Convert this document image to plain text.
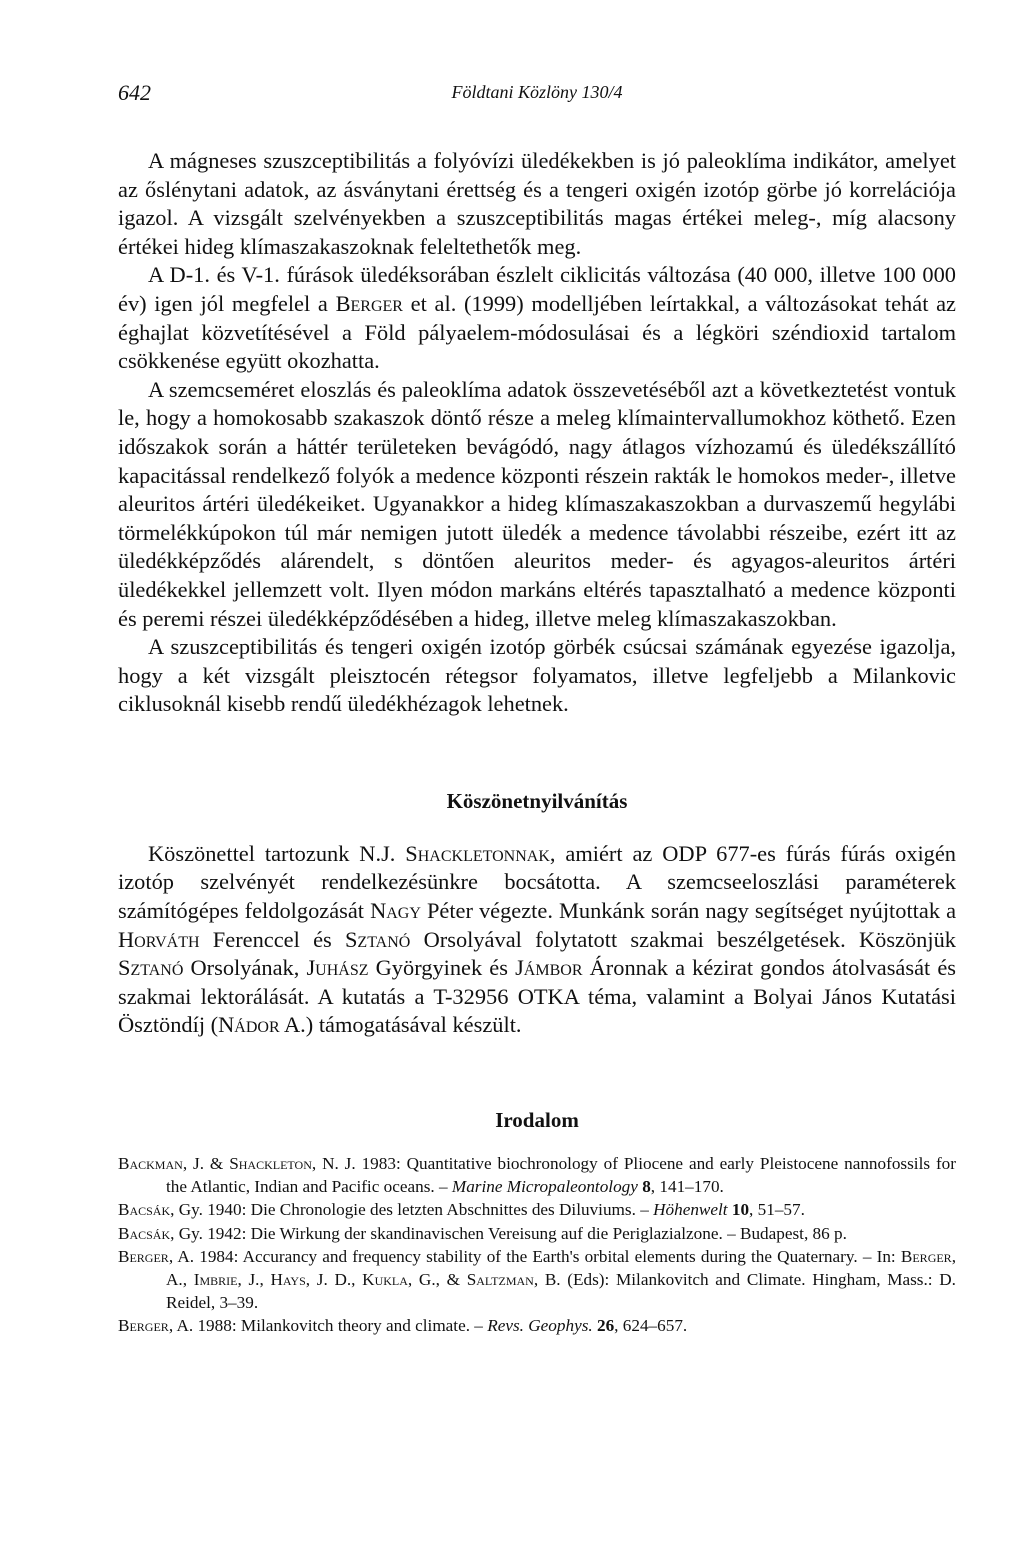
642	Földtani Közlöny 130/4

A mágneses szuszceptibilitás a folyóvízi üledékekben is jó paleoklíma indikátor, amelyet az őslénytani adatok, az ásványtani érettség és a tengeri oxigén izotóp görbe jó korrelációja igazol. A vizsgált szelvényekben a szuszceptibilitás magas értékei meleg-, míg alacsony értékei hideg klímaszakaszoknak feleltethetők meg.

A D-1. és V-1. fúrások üledéksorában észlelt ciklicitás változása (40 000, illetve 100 000 év) igen jól megfelel a Berger et al. (1999) modelljében leírtakkal, a változásokat tehát az éghajlat közvetítésével a Föld pályaelem-módosulásai és a légköri széndioxid tartalom csökkenése együtt okozhatta.

A szemcseméret eloszlás és paleoklíma adatok összevetéséből azt a következtetést vontuk le, hogy a homokosabb szakaszok döntő része a meleg klímaintervallumokhoz köthető. Ezen időszakok során a háttér területeken bevágódó, nagy átlagos vízhozamú és üledékszállító kapacitással rendelkező folyók a medence központi részein rakták le homokos meder-, illetve aleuritos ártéri üledékeiket. Ugyanakkor a hideg klímaszakaszokban a durvaszemű hegylábi törmelékkúpokon túl már nemigen jutott üledék a medence távolabbi részeibe, ezért itt az üledékképződés alárendelt, s döntően aleuritos meder- és agyagos-aleuritos ártéri üledékekkel jellemzett volt. Ilyen módon markáns eltérés tapasztalható a medence központi és peremi részei üledékképződésében a hideg, illetve meleg klímaszakaszokban.

A szuszceptibilitás és tengeri oxigén izotóp görbék csúcsai számának egyezése igazolja, hogy a két vizsgált pleisztocén rétegsor folyamatos, illetve legfeljebb a Milankovic ciklusoknál kisebb rendű üledékhézagok lehetnek.

Köszönetnyilvánítás

Köszönettel tartozunk N.J. Shackletonnak, amiért az ODP 677-es fúrás fúrás oxigén izotóp szelvényét rendelkezésünkre bocsátotta. A szemcseeloszlási paraméterek számítógépes feldolgozását Nagy Péter végezte. Munkánk során nagy segítséget nyújtottak a Horváth Ferenccel és Sztanó Orsolyával folytatott szakmai beszélgetések. Köszönjük Sztanó Orsolyának, Juhász Györgyinek és Jámbor Áronnak a kézirat gondos átolvasását és szakmai lektorálását. A kutatás a T-32956 OTKA téma, valamint a Bolyai János Kutatási Ösztöndíj (Nádor A.) támogatásával készült.

Irodalom
Backman, J. & Shackleton, N. J. 1983: Quantitative biochronology of Pliocene and early Pleistocene nannofossils for the Atlantic, Indian and Pacific oceans. – Marine Micropaleontology 8, 141–170.
Bacsák, Gy. 1940: Die Chronologie des letzten Abschnittes des Diluviums. – Höhenwelt 10, 51–57.
Bacsák, Gy. 1942: Die Wirkung der skandinavischen Vereisung auf die Periglazialzone. – Budapest, 86 p.
Berger, A. 1984: Accurancy and frequency stability of the Earth's orbital elements during the Quaternary. – In: Berger, A., Imbrie, J., Hays, J. D., Kukla, G., & Saltzman, B. (Eds): Milankovitch and Climate. Hingham, Mass.: D. Reidel, 3–39.
Berger, A. 1988: Milankovitch theory and climate. – Revs. Geophys. 26, 624–657.
